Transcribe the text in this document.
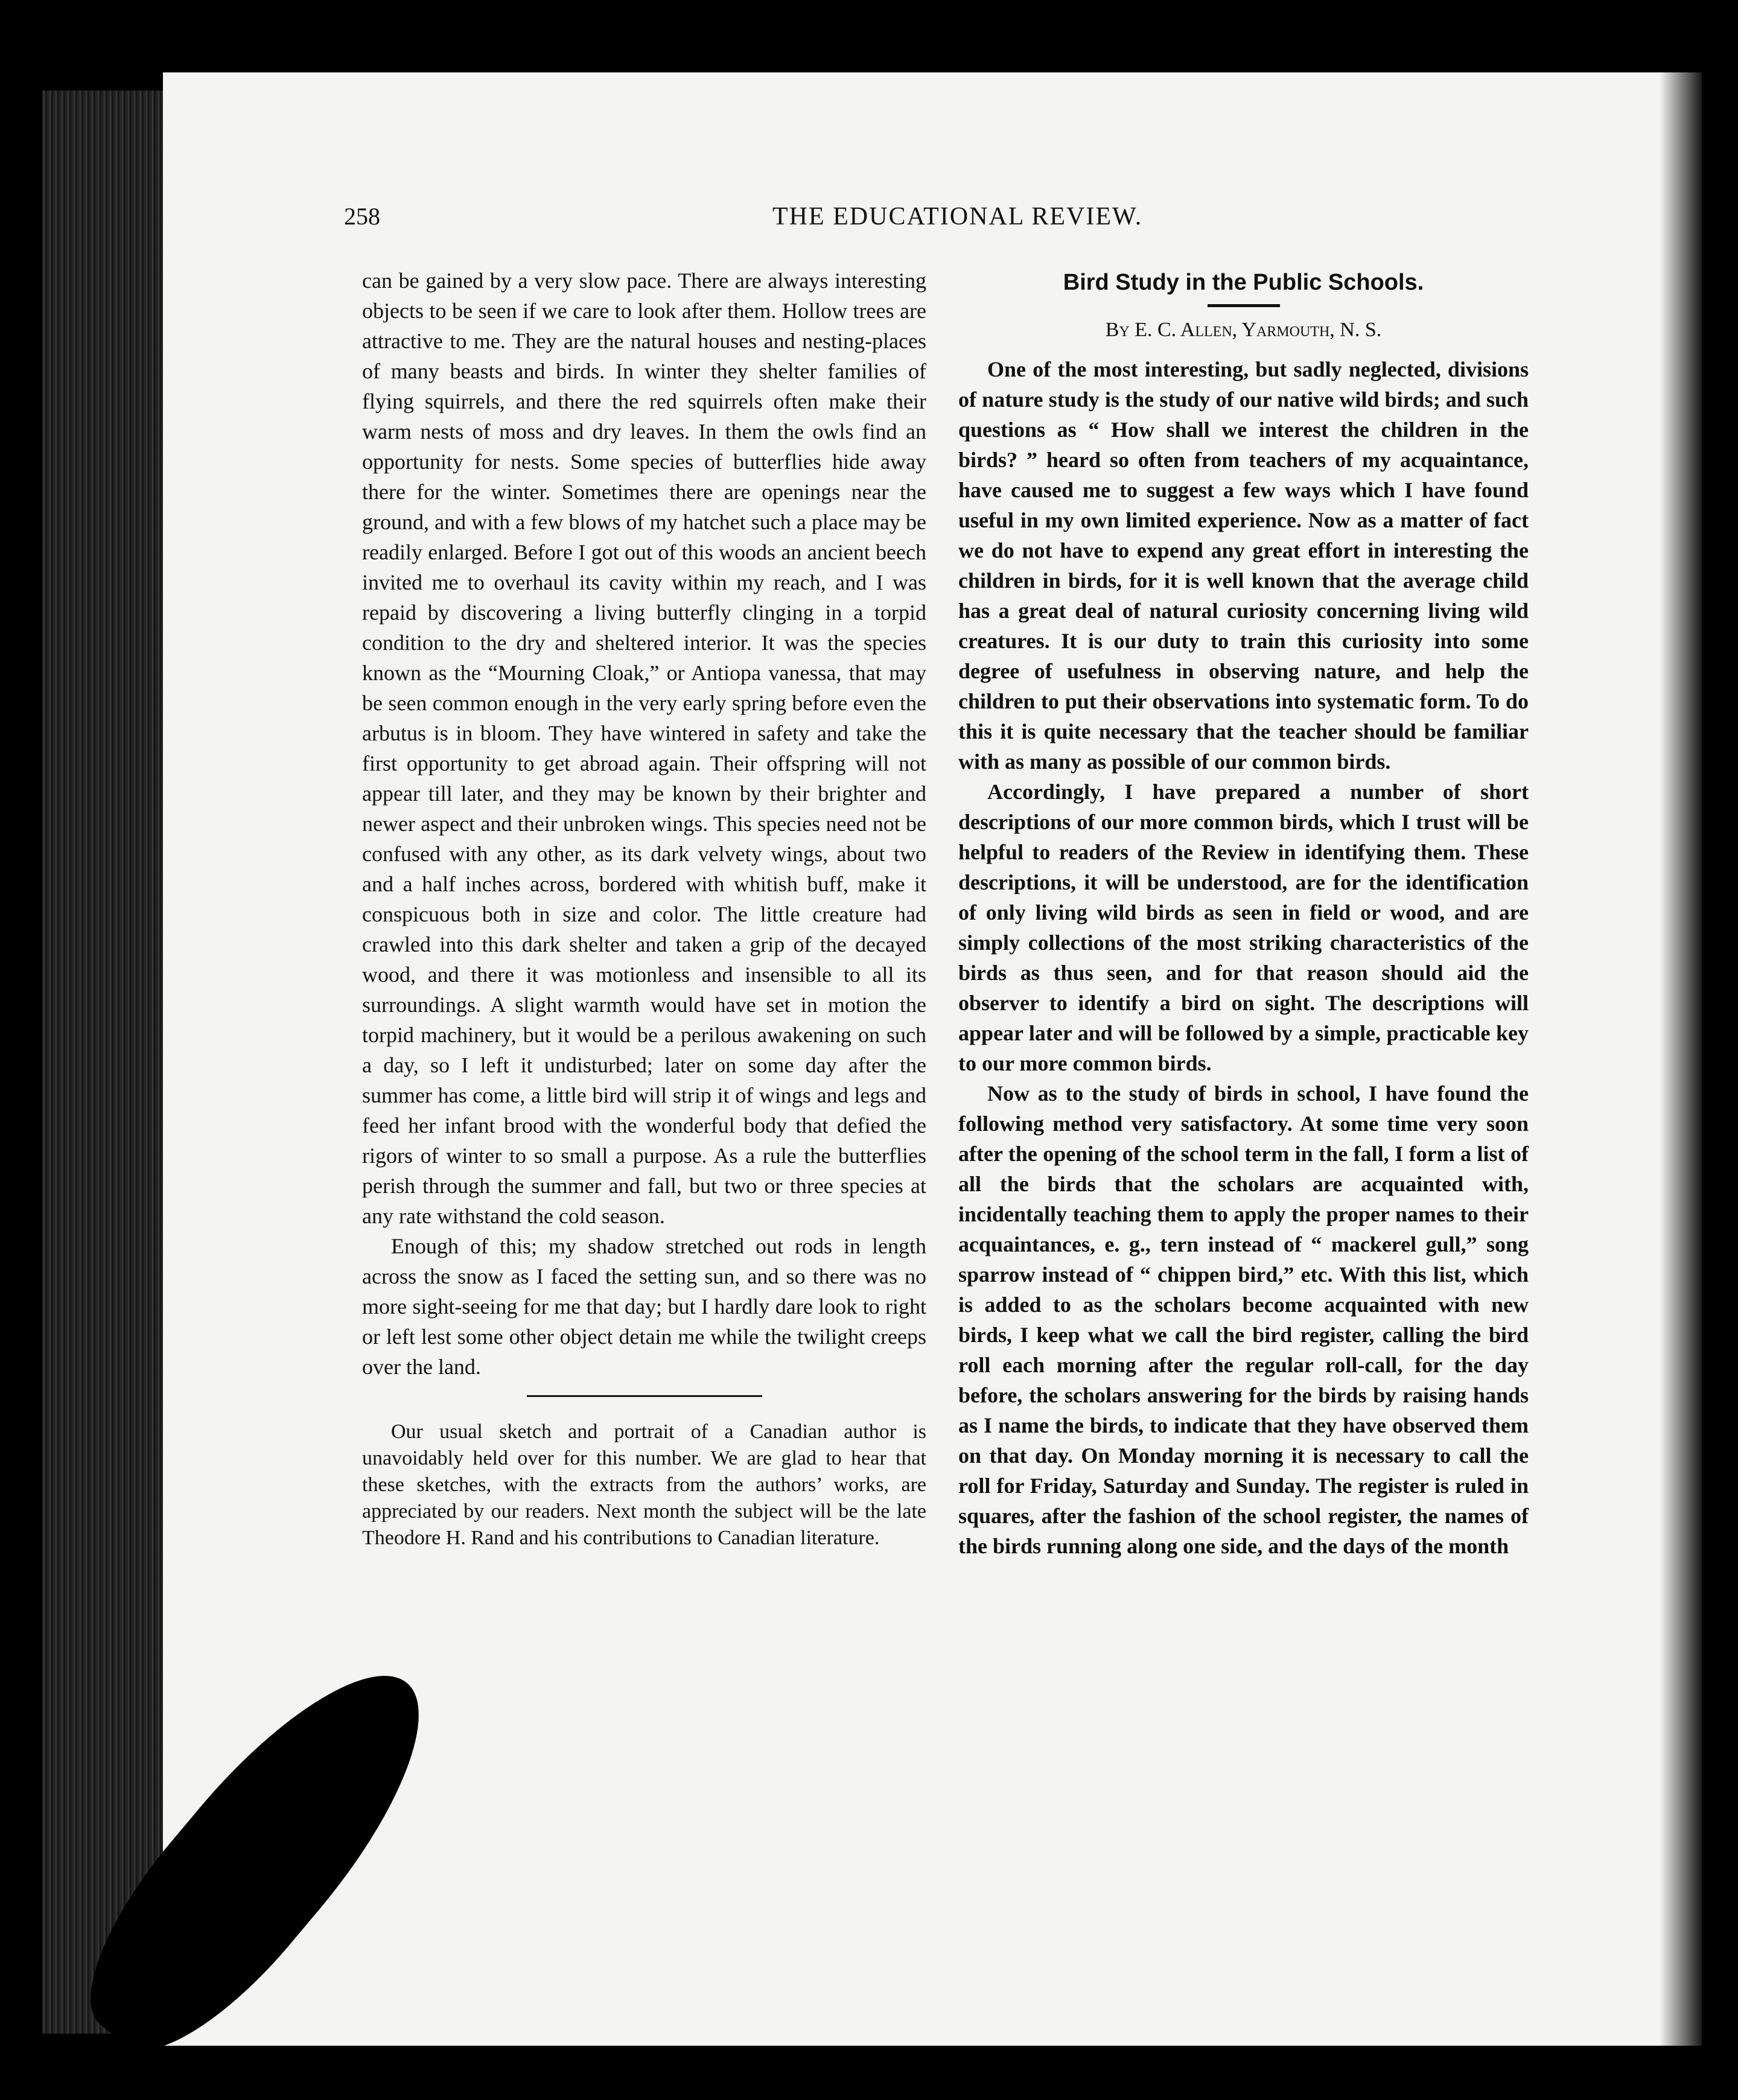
258	THE EDUCATIONAL REVIEW.

can be gained by a very slow pace. There are always interesting objects to be seen if we care to look after them. Hollow trees are attractive to me. They are the natural houses and nesting-places of many beasts and birds. In winter they shelter families of flying squirrels, and there the red squirrels often make their warm nests of moss and dry leaves. In them the owls find an opportunity for nests. Some species of butterflies hide away there for the winter. Sometimes there are openings near the ground, and with a few blows of my hatchet such a place may be readily enlarged. Before I got out of this woods an ancient beech invited me to overhaul its cavity within my reach, and I was repaid by discovering a living butterfly clinging in a torpid condition to the dry and sheltered interior. It was the species known as the “Mourning Cloak,” or Antiopa vanessa, that may be seen common enough in the very early spring before even the arbutus is in bloom. They have wintered in safety and take the first opportunity to get abroad again. Their offspring will not appear till later, and they may be known by their brighter and newer aspect and their unbroken wings. This species need not be confused with any other, as its dark velvety wings, about two and a half inches across, bordered with whitish buff, make it conspicuous both in size and color. The little creature had crawled into this dark shelter and taken a grip of the decayed wood, and there it was motionless and insensible to all its surroundings. A slight warmth would have set in motion the torpid machinery, but it would be a perilous awakening on such a day, so I left it undisturbed; later on some day after the summer has come, a little bird will strip it of wings and legs and feed her infant brood with the wonderful body that defied the rigors of winter to so small a purpose. As a rule the butterflies perish through the summer and fall, but two or three species at any rate withstand the cold season.

Enough of this; my shadow stretched out rods in length across the snow as I faced the setting sun, and so there was no more sight-seeing for me that day; but I hardly dare look to right or left lest some other object detain me while the twilight creeps over the land.

Our usual sketch and portrait of a Canadian author is unavoidably held over for this number. We are glad to hear that these sketches, with the extracts from the authors’ works, are appreciated by our readers. Next month the subject will be the late Theodore H. Rand and his contributions to Canadian literature.

Bird Study in the Public Schools.
By E. C. Allen, Yarmouth, N. S.

One of the most interesting, but sadly neglected, divisions of nature study is the study of our native wild birds; and such questions as “ How shall we interest the children in the birds? ” heard so often from teachers of my acquaintance, have caused me to suggest a few ways which I have found useful in my own limited experience. Now as a matter of fact we do not have to expend any great effort in interesting the children in birds, for it is well known that the average child has a great deal of natural curiosity concerning living wild creatures. It is our duty to train this curiosity into some degree of usefulness in observing nature, and help the children to put their observations into systematic form. To do this it is quite necessary that the teacher should be familiar with as many as possible of our common birds.

Accordingly, I have prepared a number of short descriptions of our more common birds, which I trust will be helpful to readers of the Review in identifying them. These descriptions, it will be understood, are for the identification of only living wild birds as seen in field or wood, and are simply collections of the most striking characteristics of the birds as thus seen, and for that reason should aid the observer to identify a bird on sight. The descriptions will appear later and will be followed by a simple, practicable key to our more common birds.

Now as to the study of birds in school, I have found the following method very satisfactory. At some time very soon after the opening of the school term in the fall, I form a list of all the birds that the scholars are acquainted with, incidentally teaching them to apply the proper names to their acquaintances, e. g., tern instead of “ mackerel gull,” song sparrow instead of “ chippen bird,” etc. With this list, which is added to as the scholars become acquainted with new birds, I keep what we call the bird register, calling the bird roll each morning after the regular roll-call, for the day before, the scholars answering for the birds by raising hands as I name the birds, to indicate that they have observed them on that day. On Monday morning it is necessary to call the roll for Friday, Saturday and Sunday. The register is ruled in squares, after the fashion of the school register, the names of the birds running along one side, and the days of the month
